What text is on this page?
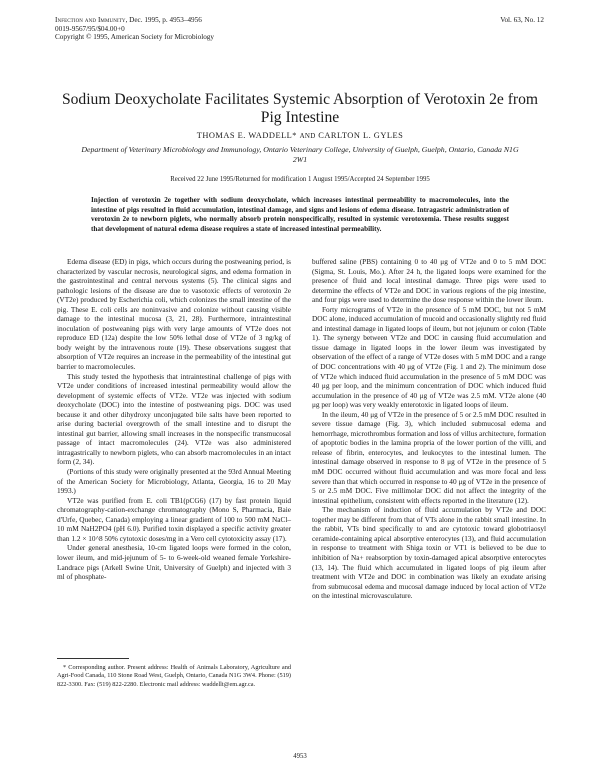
Infection and Immunity, Dec. 1995, p. 4953–4956
0019-9567/95/$04.00+0
Copyright © 1995, American Society for Microbiology
Vol. 63, No. 12
Sodium Deoxycholate Facilitates Systemic Absorption of Verotoxin 2e from Pig Intestine
THOMAS E. WADDELL* AND CARLTON L. GYLES
Department of Veterinary Microbiology and Immunology, Ontario Veterinary College, University of Guelph, Guelph, Ontario, Canada N1G 2W1
Received 22 June 1995/Returned for modification 1 August 1995/Accepted 24 September 1995
Injection of verotoxin 2e together with sodium deoxycholate, which increases intestinal permeability to macromolecules, into the intestine of pigs resulted in fluid accumulation, intestinal damage, and signs and lesions of edema disease. Intragastric administration of verotoxin 2e to newborn piglets, who normally absorb protein nonspecifically, resulted in systemic verotoxemia. These results suggest that development of natural edema disease requires a state of increased intestinal permeability.

Edema disease (ED) in pigs, which occurs during the postweaning period, is characterized by vascular necrosis, neurological signs, and edema formation in the gastrointestinal and central nervous systems (5). The clinical signs and pathologic lesions of the disease are due to vasotoxic effects of verotoxin 2e (VT2e) produced by Escherichia coli, which colonizes the small intestine of the pig. These E. coli cells are noninvasive and colonize without causing visible damage to the intestinal mucosa (3, 21, 28). Furthermore, intraintestinal inoculation of postweaning pigs with very large amounts of VT2e does not reproduce ED (12a) despite the low 50% lethal dose of VT2e of 3 ng/kg of body weight by the intravenous route (19). These observations suggest that absorption of VT2e requires an increase in the permeability of the intestinal gut barrier to macromolecules.

This study tested the hypothesis that intraintestinal challenge of pigs with VT2e under conditions of increased intestinal permeability would allow the development of systemic effects of VT2e. VT2e was injected with sodium deoxycholate (DOC) into the intestine of postweaning pigs. DOC was used because it and other dihydroxy unconjugated bile salts have been reported to arise during bacterial overgrowth of the small intestine and to disrupt the intestinal gut barrier, allowing small increases in the nonspecific transmucosal passage of intact macromolecules (24). VT2e was also administered intragastrically to newborn piglets, who can absorb macromolecules in an intact form (2, 34).

(Portions of this study were originally presented at the 93rd Annual Meeting of the American Society for Microbiology, Atlanta, Georgia, 16 to 20 May 1993.)

VT2e was purified from E. coli TB1(pCG6) (17) by fast protein liquid chromatography-cation-exchange chromatography (Mono S, Pharmacia, Baie d'Urfe, Quebec, Canada) employing a linear gradient of 100 to 500 mM NaCl–10 mM NaH2PO4 (pH 6.0). Purified toxin displayed a specific activity greater than 1.2 × 10^8 50% cytotoxic doses/mg in a Vero cell cytotoxicity assay (17).

Under general anesthesia, 10-cm ligated loops were formed in the colon, lower ileum, and mid-jejunum of 5- to 6-week-old weaned female Yorkshire-Landrace pigs (Arkell Swine Unit, University of Guelph) and injected with 3 ml of phosphate-

buffered saline (PBS) containing 0 to 40 μg of VT2e and 0 to 5 mM DOC (Sigma, St. Louis, Mo.). After 24 h, the ligated loops were examined for the presence of fluid and local intestinal damage. Three pigs were used to determine the effects of VT2e and DOC in various regions of the pig intestine, and four pigs were used to determine the dose response within the lower ileum.

Forty micrograms of VT2e in the presence of 5 mM DOC, but not 5 mM DOC alone, induced accumulation of mucoid and occasionally slightly red fluid and intestinal damage in ligated loops of ileum, but not jejunum or colon (Table 1). The synergy between VT2e and DOC in causing fluid accumulation and tissue damage in ligated loops in the lower ileum was investigated by observation of the effect of a range of VT2e doses with 5 mM DOC and a range of DOC concentrations with 40 μg of VT2e (Fig. 1 and 2). The minimum dose of VT2e which induced fluid accumulation in the presence of 5 mM DOC was 40 μg per loop, and the minimum concentration of DOC which induced fluid accumulation in the presence of 40 μg of VT2e was 2.5 mM. VT2e alone (40 μg per loop) was very weakly enterotoxic in ligated loops of ileum.

In the ileum, 40 μg of VT2e in the presence of 5 or 2.5 mM DOC resulted in severe tissue damage (Fig. 3), which included submucosal edema and hemorrhage, microthrombus formation and loss of villus architecture, formation of apoptotic bodies in the lamina propria of the lower portion of the villi, and release of fibrin, enterocytes, and leukocytes to the intestinal lumen. The intestinal damage observed in response to 8 μg of VT2e in the presence of 5 mM DOC occurred without fluid accumulation and was more focal and less severe than that which occurred in response to 40 μg of VT2e in the presence of 5 or 2.5 mM DOC. Five millimolar DOC did not affect the integrity of the intestinal epithelium, consistent with effects reported in the literature (12).

The mechanism of induction of fluid accumulation by VT2e and DOC together may be different from that of VTs alone in the rabbit small intestine. In the rabbit, VTs bind specifically to and are cytotoxic toward globotriaosyl ceramide-containing apical absorptive enterocytes (13), and fluid accumulation in response to treatment with Shiga toxin or VT1 is believed to be due to inhibition of Na+ reabsorption by toxin-damaged apical absorptive enterocytes (13, 14). The fluid which accumulated in ligated loops of pig ileum after treatment with VT2e and DOC in combination was likely an exudate arising from submucosal edema and mucosal damage induced by local action of VT2e on the intestinal microvasculature.

* Corresponding author. Present address: Health of Animals Laboratory, Agriculture and Agri-Food Canada, 110 Stone Road West, Guelph, Ontario, Canada N1G 3W4. Phone: (519) 822-3300. Fax: (519) 822-2280. Electronic mail address: waddellt@em.agr.ca.

4953
